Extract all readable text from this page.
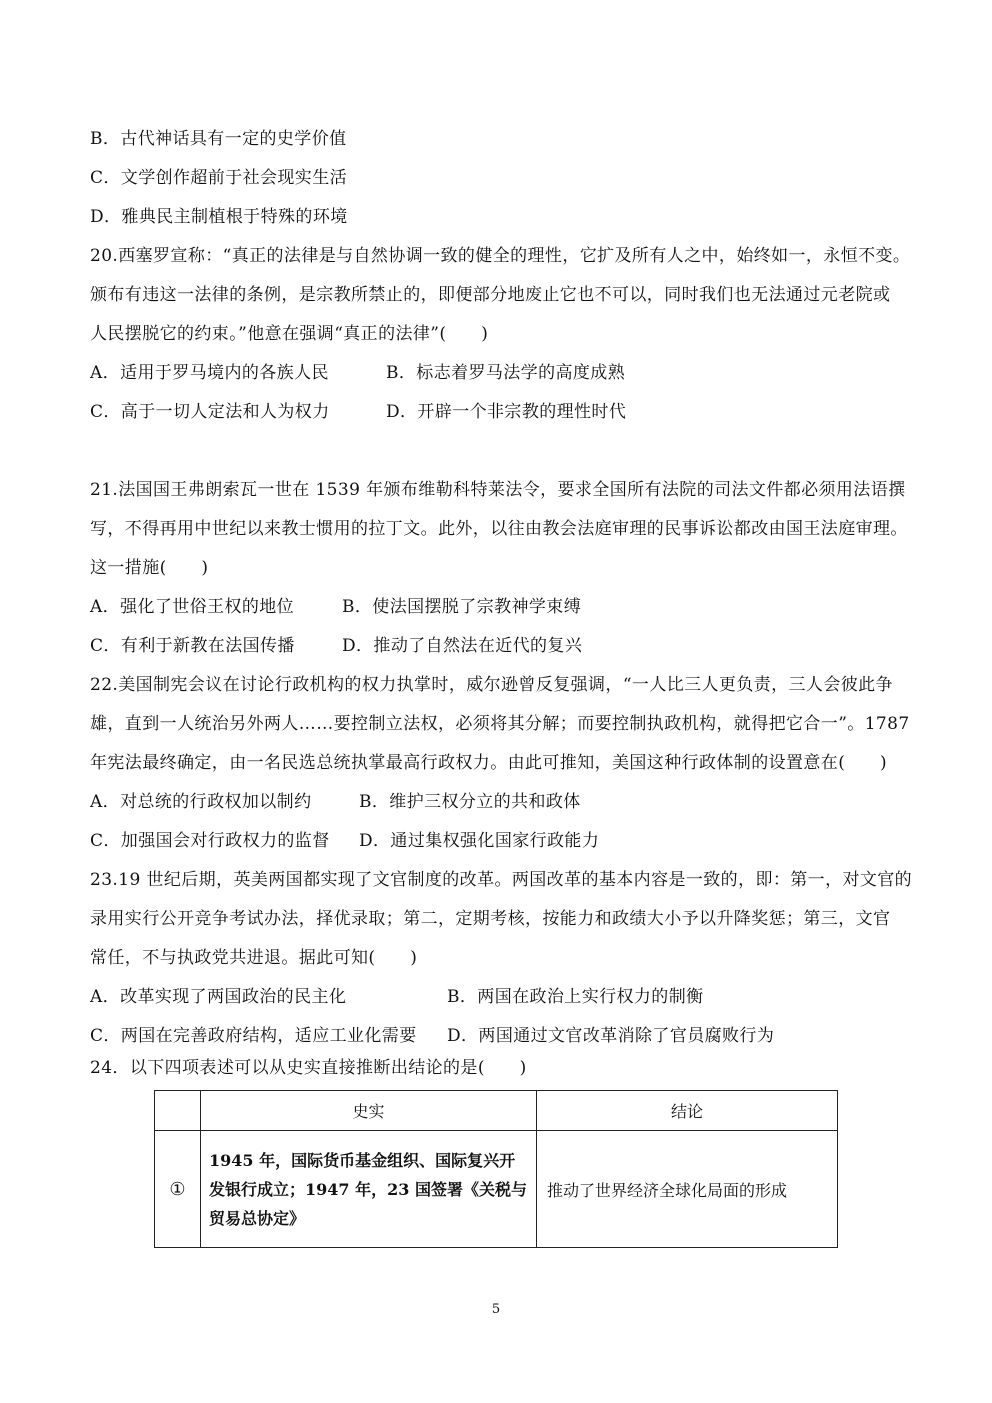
B．古代神话具有一定的史学价值
C．文学创作超前于社会现实生活
D．雅典民主制植根于特殊的环境
20.西塞罗宣称：“真正的法律是与自然协调一致的健全的理性，它扩及所有人之中，始终如一，永恒不变。
颁布有违这一法律的条例，是宗教所禁止的，即便部分地废止它也不可以，同时我们也无法通过元老院或
人民摆脱它的约束。”他意在强调“真正的法律”(　　)
A．适用于罗马境内的各族人民	B．标志着罗马法学的高度成熟
C．高于一切人定法和人为权力	D．开辟一个非宗教的理性时代
21.法国国王弗朗索瓦一世在 1539 年颁布维勒科特莱法令，要求全国所有法院的司法文件都必须用法语撰
写，不得再用中世纪以来教士惯用的拉丁文。此外，以往由教会法庭审理的民事诉讼都改由国王法庭审理。
这一措施(　　)
A．强化了世俗王权的地位	B．使法国摆脱了宗教神学束缚
C．有利于新教在法国传播	D．推动了自然法在近代的复兴
22.美国制宪会议在讨论行政机构的权力执掌时，威尔逊曾反复强调，“一人比三人更负责，三人会彼此争
雄，直到一人统治另外两人……要控制立法权，必须将其分解；而要控制执政机构，就得把它合一”。1787
年宪法最终确定，由一名民选总统执掌最高行政权力。由此可推知，美国这种行政体制的设置意在(　　)
A．对总统的行政权加以制约	B．维护三权分立的共和政体
C．加强国会对行政权力的监督 D．通过集权强化国家行政能力
23.19 世纪后期，英美两国都实现了文官制度的改革。两国改革的基本内容是一致的，即：第一，对文官的
录用实行公开竞争考试办法，择优录取；第二，定期考核，按能力和政绩大小予以升降奖惩；第三，文官
常任，不与执政党共进退。据此可知(　　)
A．改革实现了两国政治的民主化	B．两国在政治上实行权力的制衡
C．两国在完善政府结构，适应工业化需要 D．两国通过文官改革消除了官员腐败行为
24．以下四项表述可以从史实直接推断出结论的是(　　)
	史实	结论
①	1945 年，国际货币基金组织、国际复兴开
发银行成立；1947 年，23 国签署《关税与
贸易总协定》	推动了世界经济全球化局面的形成
5
